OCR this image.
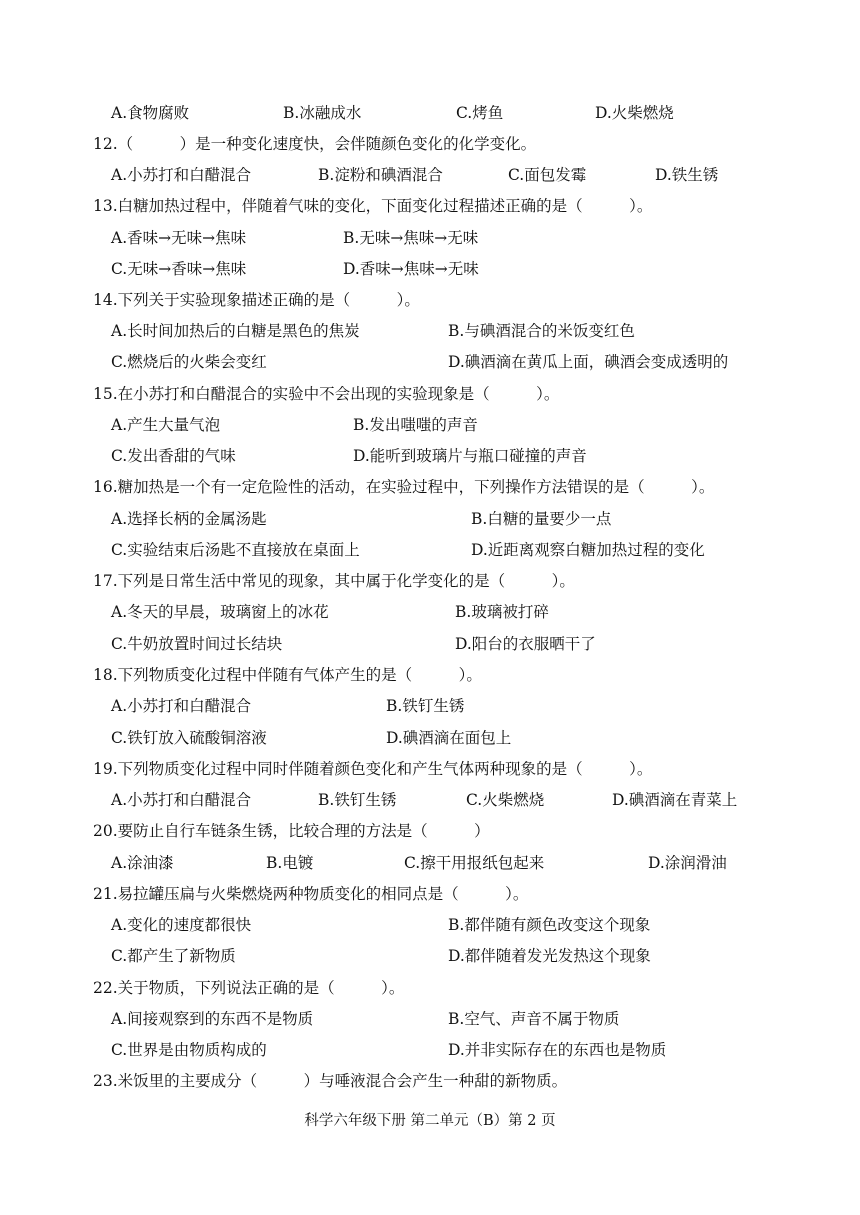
A.食物腐败	B.冰融成水	C.烤鱼	D.火柴燃烧
12.（　　　）是一种变化速度快，会伴随颜色变化的化学变化。
A.小苏打和白醋混合	B.淀粉和碘酒混合	C.面包发霉	D.铁生锈
13.白糖加热过程中，伴随着气味的变化，下面变化过程描述正确的是（　　　）。
A.香味→无味→焦味	B.无味→焦味→无味
C.无味→香味→焦味	D.香味→焦味→无味
14.下列关于实验现象描述正确的是（　　　）。
A.长时间加热后的白糖是黑色的焦炭	B.与碘酒混合的米饭变红色
C.燃烧后的火柴会变红	D.碘酒滴在黄瓜上面，碘酒会变成透明的
15.在小苏打和白醋混合的实验中不会出现的实验现象是（　　　）。
A.产生大量气泡	B.发出嗤嗤的声音
C.发出香甜的气味	D.能听到玻璃片与瓶口碰撞的声音
16.糖加热是一个有一定危险性的活动，在实验过程中，下列操作方法错误的是（　　　）。
A.选择长柄的金属汤匙	B.白糖的量要少一点
C.实验结束后汤匙不直接放在桌面上	D.近距离观察白糖加热过程的变化
17.下列是日常生活中常见的现象，其中属于化学变化的是（　　　）。
A.冬天的早晨，玻璃窗上的冰花	B.玻璃被打碎
C.牛奶放置时间过长结块	D.阳台的衣服晒干了
18.下列物质变化过程中伴随有气体产生的是（　　　）。
A.小苏打和白醋混合	B.铁钉生锈
C.铁钉放入硫酸铜溶液	D.碘酒滴在面包上
19.下列物质变化过程中同时伴随着颜色变化和产生气体两种现象的是（　　　）。
A.小苏打和白醋混合	B.铁钉生锈	C.火柴燃烧	D.碘酒滴在青菜上
20.要防止自行车链条生锈，比较合理的方法是（　　　）
A.涂油漆	B.电镀	C.擦干用报纸包起来	D.涂润滑油
21.易拉罐压扁与火柴燃烧两种物质变化的相同点是（　　　）。
A.变化的速度都很快	B.都伴随有颜色改变这个现象
C.都产生了新物质	D.都伴随着发光发热这个现象
22.关于物质，下列说法正确的是（　　　）。
A.间接观察到的东西不是物质	B.空气、声音不属于物质
C.世界是由物质构成的	D.并非实际存在的东西也是物质
23.米饭里的主要成分（　　　）与唾液混合会产生一种甜的新物质。
科学六年级下册 第二单元（B）第 2 页
